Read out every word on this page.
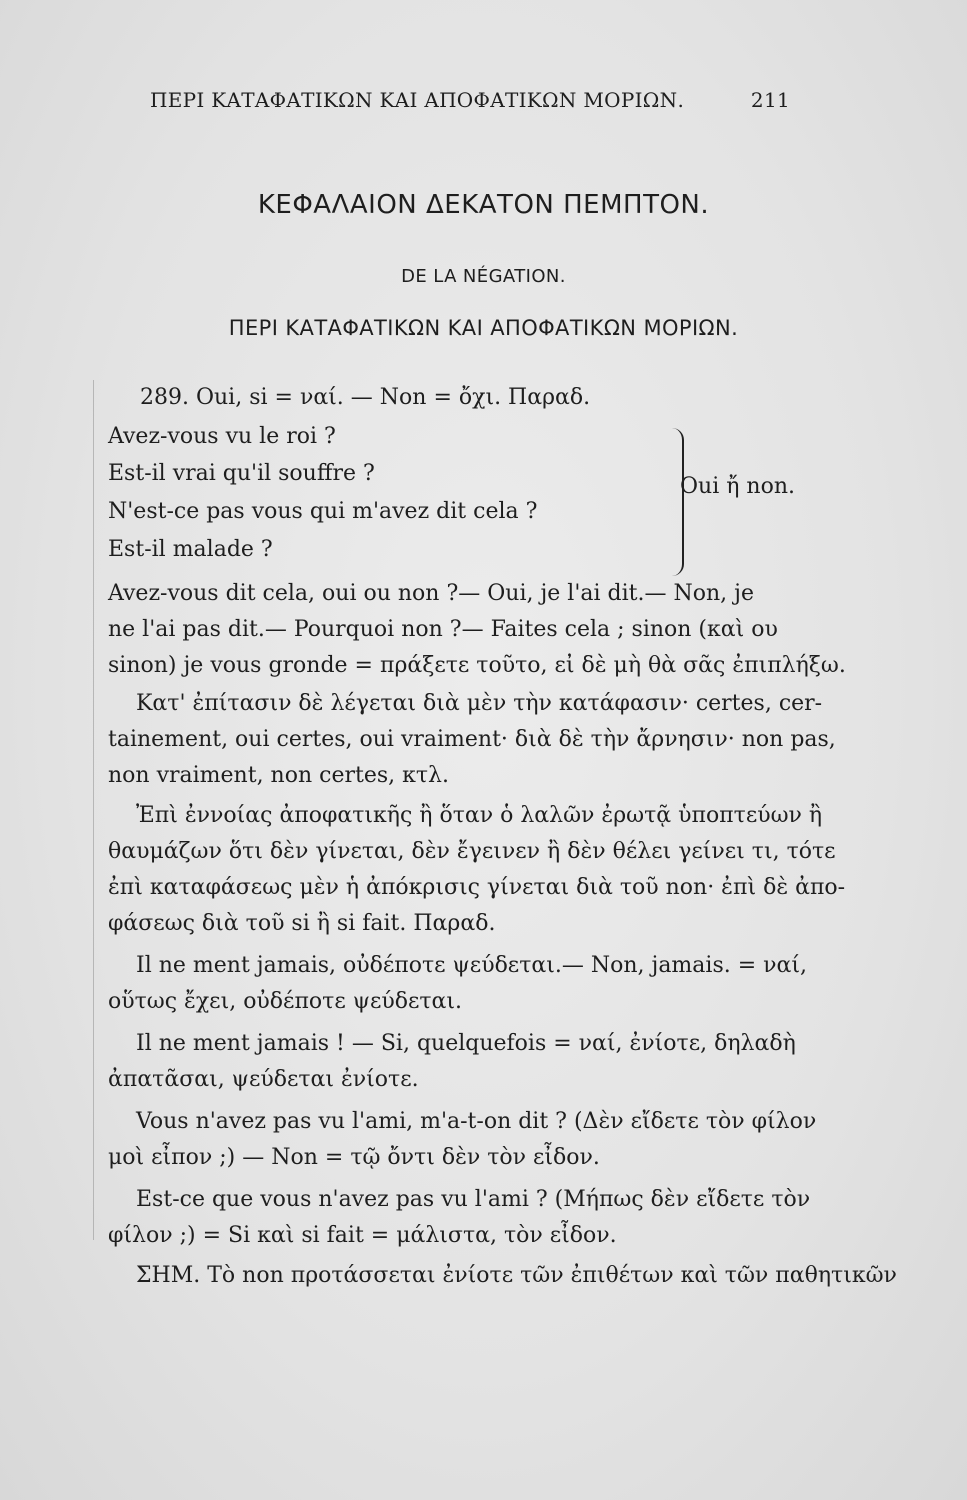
ΠΕΡΙ ΚΑΤΑΦΑΤΙΚΩΝ ΚΑΙ ΑΠΟΦΑΤΙΚΩΝ ΜΟΡΙΩΝ.	211
ΚΕΦΑΛΑΙΟΝ ΔΕΚΑΤΟΝ ΠΕΜΠΤΟΝ.
DE LA NÉGATION.
ΠΕΡΙ ΚΑΤΑΦΑΤΙΚΩΝ ΚΑΙ ΑΠΟΦΑΤΙΚΩΝ ΜΟΡΙΩΝ.
289. Oui, si = ναί. — Non = ὄχι. Παραδ.
Avez-vous vu le roi ?
Est-il vrai qu'il souffre ?
N'est-ce pas vous qui m'avez dit cela ?
Est-il malade ?
Avez-vous dit cela, oui ou non ?— Oui, je l'ai dit.— Non, je
ne l'ai pas dit.— Pourquoi non ?— Faites cela ; sinon (καὶ ου
sinon) je vous gronde = πράξετε τοῦτο, εἰ δὲ μὴ θὰ σᾶς ἐπιπλήξω.
Κατ' ἐπίτασιν δὲ λέγεται διὰ μὲν τὴν κατάφασιν· certes, cer-
tainement, oui certes, oui vraiment· διὰ δὲ τὴν ἄρνησιν· non pas,
non vraiment, non certes, κτλ.
Ἐπὶ ἐννοίας ἀποφατικῆς ἢ ὅταν ὁ λαλῶν ἐρωτᾷ ὑποπτεύων ἢ
θαυμάζων ὅτι δὲν γίνεται, δὲν ἔγεινεν ἢ δὲν θέλει γείνει τι, τότε
ἐπὶ καταφάσεως μὲν ἡ ἀπόκρισις γίνεται διὰ τοῦ non· ἐπὶ δὲ ἀπο-
φάσεως διὰ τοῦ si ἢ si fait. Παραδ.
Il ne ment jamais, οὐδέποτε ψεύδεται.— Non, jamais. = ναί,
οὕτως ἔχει, οὐδέποτε ψεύδεται.
Il ne ment jamais ! — Si, quelquefois = ναί, ἐνίοτε, δηλαδὴ
ἀπατᾶσαι, ψεύδεται ἐνίοτε.
Vous n'avez pas vu l'ami, m'a-t-on dit ? (Δὲν εἴδετε τὸν φίλον
μοὶ εἶπον ;) — Non = τῷ ὄντι δὲν τὸν εἶδον.
Est-ce que vous n'avez pas vu l'ami ? (Μήπως δὲν εἴδετε τὸν
φίλον ;) = Si καὶ si fait = μάλιστα, τὸν εἶδον.
ΣΗΜ. Τὸ non προτάσσεται ἐνίοτε τῶν ἐπιθέτων καὶ τῶν παθητικῶν
Oui ἤ non.
